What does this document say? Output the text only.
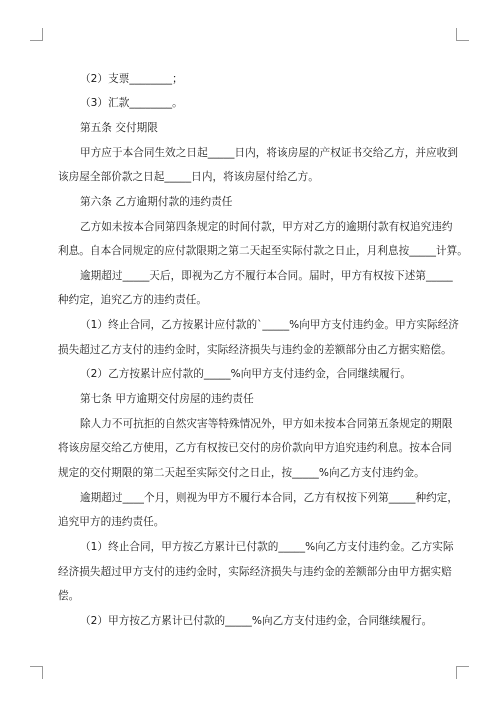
（2）支票________；
（3）汇款________。
第五条 交付期限
甲方应于本合同生效之日起_____日内，将该房屋的产权证书交给乙方，并应收到
该房屋全部价款之日起_____日内，将该房屋付给乙方。
第六条 乙方逾期付款的违约责任
乙方如未按本合同第四条规定的时间付款，甲方对乙方的逾期付款有权追究违约
利息。自本合同规定的应付款限期之第二天起至实际付款之日止，月利息按_____计算。
逾期超过_____天后，即视为乙方不履行本合同。届时，甲方有权按下述第_____
种约定，追究乙方的违约责任。
（1）终止合同，乙方按累计应付款的`_____%向甲方支付违约金。甲方实际经济
损失超过乙方支付的违约金时，实际经济损失与违约金的差额部分由乙方据实赔偿。
（2）乙方按累计应付款的_____%向甲方支付违约金，合同继续履行。
第七条 甲方逾期交付房屋的违约责任
除人力不可抗拒的自然灾害等特殊情况外，甲方如未按本合同第五条规定的期限
将该房屋交给乙方使用，乙方有权按已交付的房价款向甲方追究违约利息。按本合同
规定的交付期限的第二天起至实际交付之日止，按_____%向乙方支付违约金。
逾期超过____个月，则视为甲方不履行本合同，乙方有权按下列第_____种约定，
追究甲方的违约责任。
（1）终止合同，甲方按乙方累计已付款的_____%向乙方支付违约金。乙方实际
经济损失超过甲方支付的违约金时，实际经济损失与违约金的差额部分由甲方据实赔
偿。
（2）甲方按乙方累计已付款的_____%向乙方支付违约金，合同继续履行。
